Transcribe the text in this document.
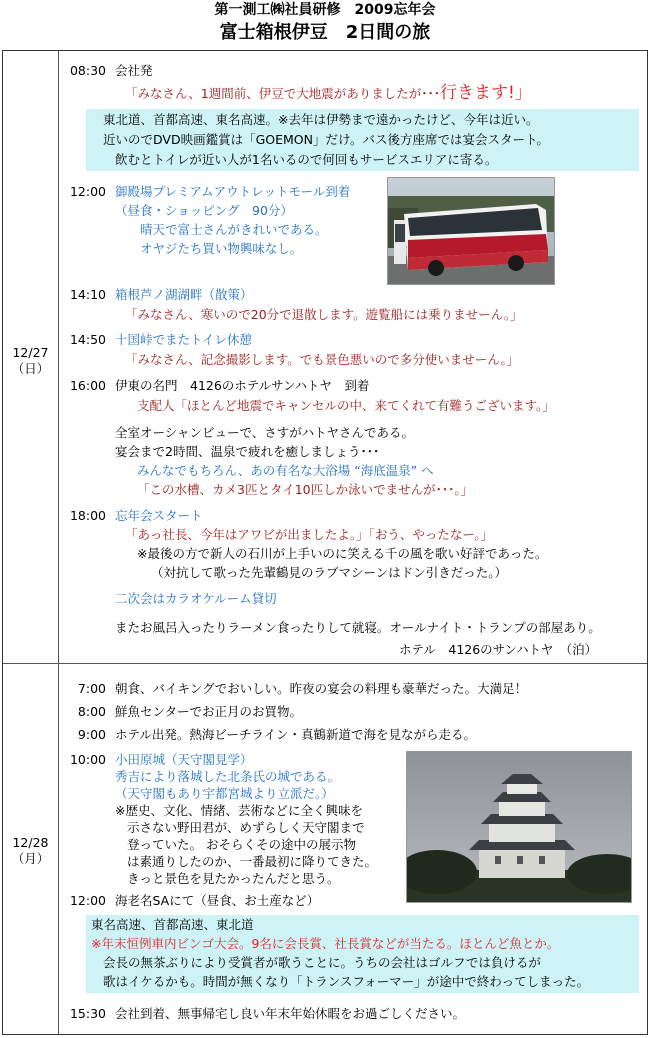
第一測工㈱社員研修　2009忘年会
富士箱根伊豆　2日間の旅
12/27
（日）
12/28
（月）
08:30 会社発
「みなさん、1週間前、伊豆で大地震がありましたが･･･行きます!」
東北道、首都高速、東名高速。※去年は伊勢まで遠かったけど、今年は近い。
近いのでDVD映画鑑賞は「GOEMON」だけ。バス後方座席では宴会スタート。
飲むとトイレが近い人が1名いるので何回もサービスエリアに寄る。
12:00 御殿場プレミアムアウトレットモール到着
（昼食・ショッピング　90分）
晴天で富士さんがきれいである。
オヤジたち買い物興味なし。
14:10 箱根芦ノ湖湖畔（散策）
「みなさん、寒いので20分で退散します。遊覧船には乗りませーん。」
14:50 十国峠でまたトイレ休憩
「みなさん、記念撮影します。でも景色悪いので多分使いませーん。」
16:00 伊東の名門　4126のホテルサンハトヤ　到着
支配人「ほとんど地震でキャンセルの中、来てくれて有難うございます。」
全室オーシャンビューで、さすがハトヤさんである。
宴会まで2時間、温泉で疲れを癒しましょう･･･
みんなでもちろん、あの有名な大浴場 “海底温泉” へ
「この水槽、カメ3匹とタイ10匹しか泳いでませんが･･･。」
18:00 忘年会スタート
「あっ社長、今年はアワビが出ましたよ。」「おう、やったなー。」
※最後の方で新人の石川が上手いのに笑える千の風を歌い好評であった。
（対抗して歌った先輩鶴見のラブマシーンはドン引きだった。）
二次会はカラオケルーム貸切
またお風呂入ったりラーメン食ったりして就寝。オールナイト・トランプの部屋あり。
ホテル　4126のサンハトヤ　（泊）
7:00 朝食、バイキングでおいしい。昨夜の宴会の料理も豪華だった。大満足！
8:00 鮮魚センターでお正月のお買物。
9:00 ホテル出発。熱海ビーチライン・真鶴新道で海を見ながら走る。
10:00 小田原城（天守閣見学）
秀吉により落城した北条氏の城である。
（天守閣もあり宇都宮城より立派だ。）
※歴史、文化、情緒、芸術などに全く興味を
示さない野田君が、めずらしく天守閣まで
登っていた。 おそらくその途中の展示物
は素通りしたのか、一番最初に降りてきた。
きっと景色を見たかったんだと思う。
12:00 海老名SAにて（昼食、お土産など）
東名高速、首都高速、東北道
※年末恒例車内ビンゴ大会。9名に会長賞、社長賞などが当たる。ほとんど魚とか。
会長の無茶ぶりにより受賞者が歌うことに。うちの会社はゴルフでは負けるが
歌はイケるかも。時間が無くなり「トランスフォーマー」が途中で終わってしまった。
15:30 会社到着、無事帰宅し良い年末年始休暇をお過ごしください。
